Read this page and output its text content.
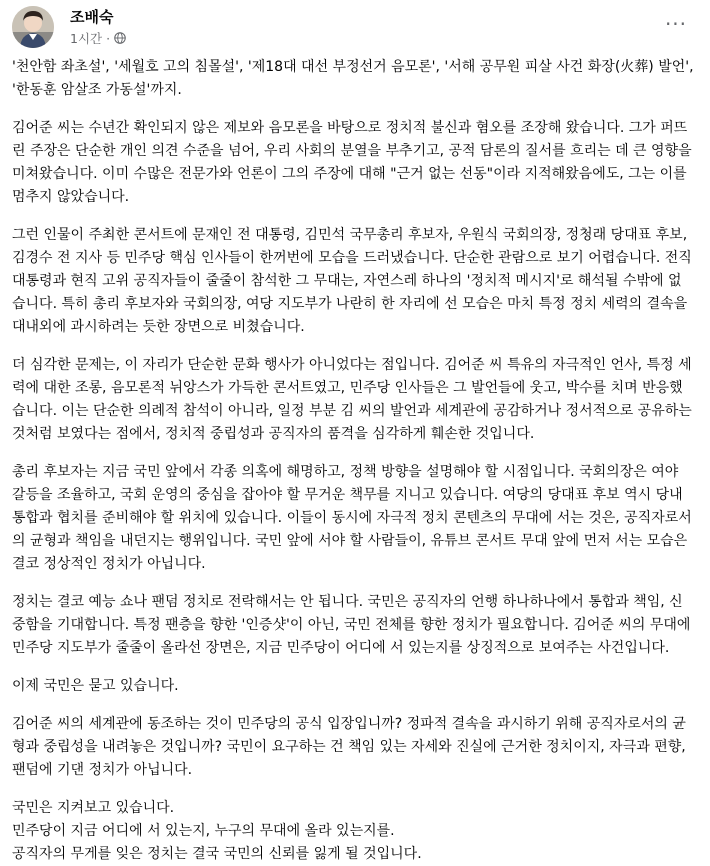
조배숙
1시간 ·
···

'천안함 좌초설', '세월호 고의 침몰설', '제18대 대선 부정선거 음모론', '서해 공무원 피살 사건 화장(火葬) 발언', '한동훈 암살조 가동설'까지.

김어준 씨는 수년간 확인되지 않은 제보와 음모론을 바탕으로 정치적 불신과 혐오를 조장해 왔습니다. 그가 퍼뜨린 주장은 단순한 개인 의견 수준을 넘어, 우리 사회의 분열을 부추기고, 공적 담론의 질서를 흐리는 데 큰 영향을 미쳐왔습니다. 이미 수많은 전문가와 언론이 그의 주장에 대해 "근거 없는 선동"이라 지적해왔음에도, 그는 이를 멈추지 않았습니다.

그런 인물이 주최한 콘서트에 문재인 전 대통령, 김민석 국무총리 후보자, 우원식 국회의장, 정청래 당대표 후보, 김경수 전 지사 등 민주당 핵심 인사들이 한꺼번에 모습을 드러냈습니다. 단순한 관람으로 보기 어렵습니다. 전직 대통령과 현직 고위 공직자들이 줄줄이 참석한 그 무대는, 자연스레 하나의 '정치적 메시지'로 해석될 수밖에 없습니다. 특히 총리 후보자와 국회의장, 여당 지도부가 나란히 한 자리에 선 모습은 마치 특정 정치 세력의 결속을 대내외에 과시하려는 듯한 장면으로 비쳤습니다.

더 심각한 문제는, 이 자리가 단순한 문화 행사가 아니었다는 점입니다. 김어준 씨 특유의 자극적인 언사, 특정 세력에 대한 조롱, 음모론적 뉘앙스가 가득한 콘서트였고, 민주당 인사들은 그 발언들에 웃고, 박수를 치며 반응했습니다. 이는 단순한 의례적 참석이 아니라, 일정 부분 김 씨의 발언과 세계관에 공감하거나 정서적으로 공유하는 것처럼 보였다는 점에서, 정치적 중립성과 공직자의 품격을 심각하게 훼손한 것입니다.

총리 후보자는 지금 국민 앞에서 각종 의혹에 해명하고, 정책 방향을 설명해야 할 시점입니다. 국회의장은 여야 갈등을 조율하고, 국회 운영의 중심을 잡아야 할 무거운 책무를 지니고 있습니다. 여당의 당대표 후보 역시 당내 통합과 협치를 준비해야 할 위치에 있습니다. 이들이 동시에 자극적 정치 콘텐츠의 무대에 서는 것은, 공직자로서의 균형과 책임을 내던지는 행위입니다. 국민 앞에 서야 할 사람들이, 유튜브 콘서트 무대 앞에 먼저 서는 모습은 결코 정상적인 정치가 아닙니다.

정치는 결코 예능 쇼나 팬덤 정치로 전락해서는 안 됩니다. 국민은 공직자의 언행 하나하나에서 통합과 책임, 신중함을 기대합니다. 특정 팬층을 향한 '인증샷'이 아닌, 국민 전체를 향한 정치가 필요합니다. 김어준 씨의 무대에 민주당 지도부가 줄줄이 올라선 장면은, 지금 민주당이 어디에 서 있는지를 상징적으로 보여주는 사건입니다.

이제 국민은 묻고 있습니다.

김어준 씨의 세계관에 동조하는 것이 민주당의 공식 입장입니까? 정파적 결속을 과시하기 위해 공직자로서의 균형과 중립성을 내려놓은 것입니까? 국민이 요구하는 건 책임 있는 자세와 진실에 근거한 정치이지, 자극과 편향, 팬덤에 기댄 정치가 아닙니다.

국민은 지켜보고 있습니다.

민주당이 지금 어디에 서 있는지, 누구의 무대에 올라 있는지를.

공직자의 무게를 잊은 정치는 결국 국민의 신뢰를 잃게 될 것입니다.
